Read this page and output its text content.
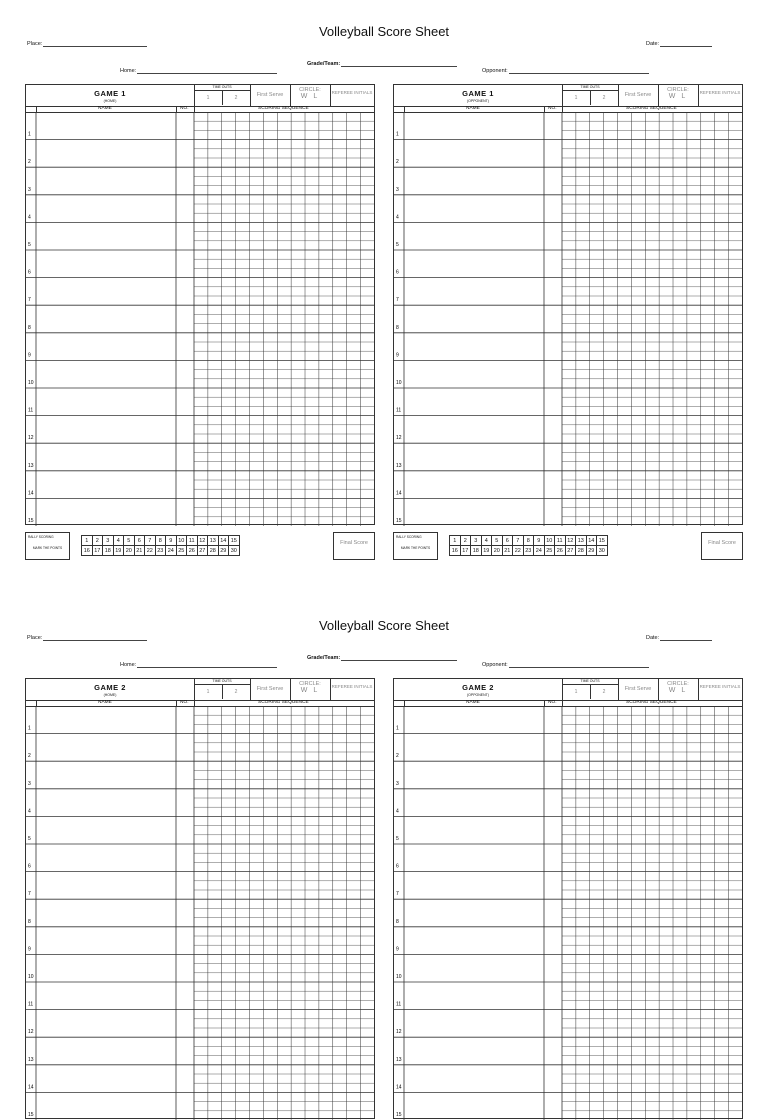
Volleyball Score Sheet
Place:	Date:
Grade/Team:
Home:	Opponent:
GAME 1
(HOME)
TIME OUTS
1	2	First Serve
CIRCLE:
W L
REFEREE INITIALS
NAME	NO.	SCORING SEQUENCE
1
2
3
4
5
6
7
8
9
10
11
12
13
14
15
GAME 1
(OPPONENT)
TIME OUTS
1	2	First Serve
CIRCLE:
W L
REFEREE INITIALS
NAME	NO.	SCORING SEQUENCE
1
2
3
4
5
6
7
8
9
10
11
12
13
14
15
RALLY SCORING
MARK THE POINTS
1	2	3	4	5	6	7	8	9	10	11	12	13	14	15
16	17	18	19	20	21	22	23	24	25	26	27	28	29	30
Final Score
RALLY SCORING
MARK THE POINTS
1	2	3	4	5	6	7	8	9	10	11	12	13	14	15
16	17	18	19	20	21	22	23	24	25	26	27	28	29	30
Final Score
Volleyball Score Sheet
Place:	Date:
Grade/Team:
Home:	Opponent:
GAME 2
(HOME)
TIME OUTS
1	2	First Serve
CIRCLE:
W L
REFEREE INITIALS
NAME	NO.	SCORING SEQUENCE
1
2
3
4
5
6
7
8
9
10
11
12
13
14
15
GAME 2
(OPPONENT)
TIME OUTS
1	2	First Serve
CIRCLE:
W L
REFEREE INITIALS
NAME	NO.	SCORING SEQUENCE
1
2
3
4
5
6
7
8
9
10
11
12
13
14
15
